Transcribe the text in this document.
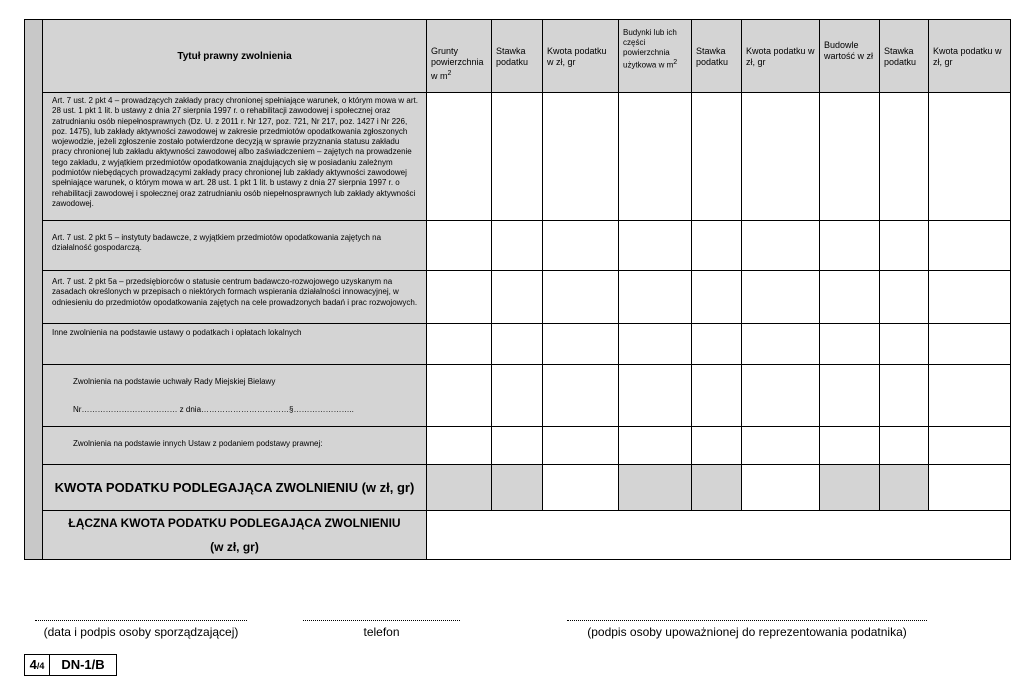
	Tytuł prawny zwolnienia	Grunty powierzchnia w $m^2$	Stawka podatku	Kwota podatku w zł, gr	Budynki lub ich części powierzchnia użytkowa w $m^2$	Stawka podatku	Kwota podatku w zł, gr	Budowle wartość w zł	Stawka podatku	Kwota podatku w zł, gr
	Art. 7 ust. 2 pkt 4 – prowadzących zakłady pracy chronionej spełniające warunek, o którym mowa w art. 28 ust. 1 pkt 1 lit. b ustawy z dnia 27 sierpnia 1997 r. o rehabilitacji zawodowej i społecznej oraz zatrudnianiu osób niepełnosprawnych (Dz. U. z 2011 r. Nr 127, poz. 721, Nr 217, poz. 1427 i Nr 226, poz. 1475), lub zakłady aktywności zawodowej w zakresie przedmiotów opodatkowania zgłoszonych wojewodzie, jeżeli zgłoszenie zostało potwierdzone decyzją w sprawie przyznania statusu zakładu pracy chronionej lub zakładu aktywności zawodowej albo zaświadczeniem – zajętych na prowadzenie tego zakładu, z wyjątkiem przedmiotów opodatkowania znajdujących się w posiadaniu zależnym podmiotów niebędących prowadzącymi zakłady pracy chronionej lub zakłady aktywności zawodowej spełniające warunek, o którym mowa w art. 28 ust. 1 pkt 1 lit. b ustawy z dnia 27 sierpnia 1997 r. o rehabilitacji zawodowej i społecznej oraz zatrudnianiu osób niepełnosprawnych lub zakłady aktywności zawodowej.									
	Art. 7 ust. 2 pkt 5 – instytuty badawcze, z wyjątkiem przedmiotów opodatkowania zajętych na działalność gospodarczą.									
	Art. 7 ust. 2 pkt 5a – przedsiębiorców o statusie centrum badawczo-rozwojowego uzyskanym na zasadach określonych w przepisach o niektórych formach wspierania działalności innowacyjnej, w odniesieniu do przedmiotów opodatkowania zajętych na cele prowadzonych badań i prac rozwojowych.									
	Inne zwolnienia na podstawie ustawy o podatkach i opłatach lokalnych									
	Zwolnienia na podstawie uchwały Rady Miejskiej Bielawy
Nr……………………………… z dnia……………………………§…………………..									

	Zwolnienia na podstawie innych Ustaw z podaniem podstawy prawnej:									
	KWOTA PODATKU PODLEGAJĄCA ZWOLNIENIU (w zł, gr)									
	ŁĄCZNA KWOTA PODATKU PODLEGAJĄCA ZWOLNIENIU
(w zł, gr)									
(data i podpis osoby sporządzającej)	telefon	(podpis osoby upoważnionej do reprezentowania podatnika)
4/4	DN-1/B
